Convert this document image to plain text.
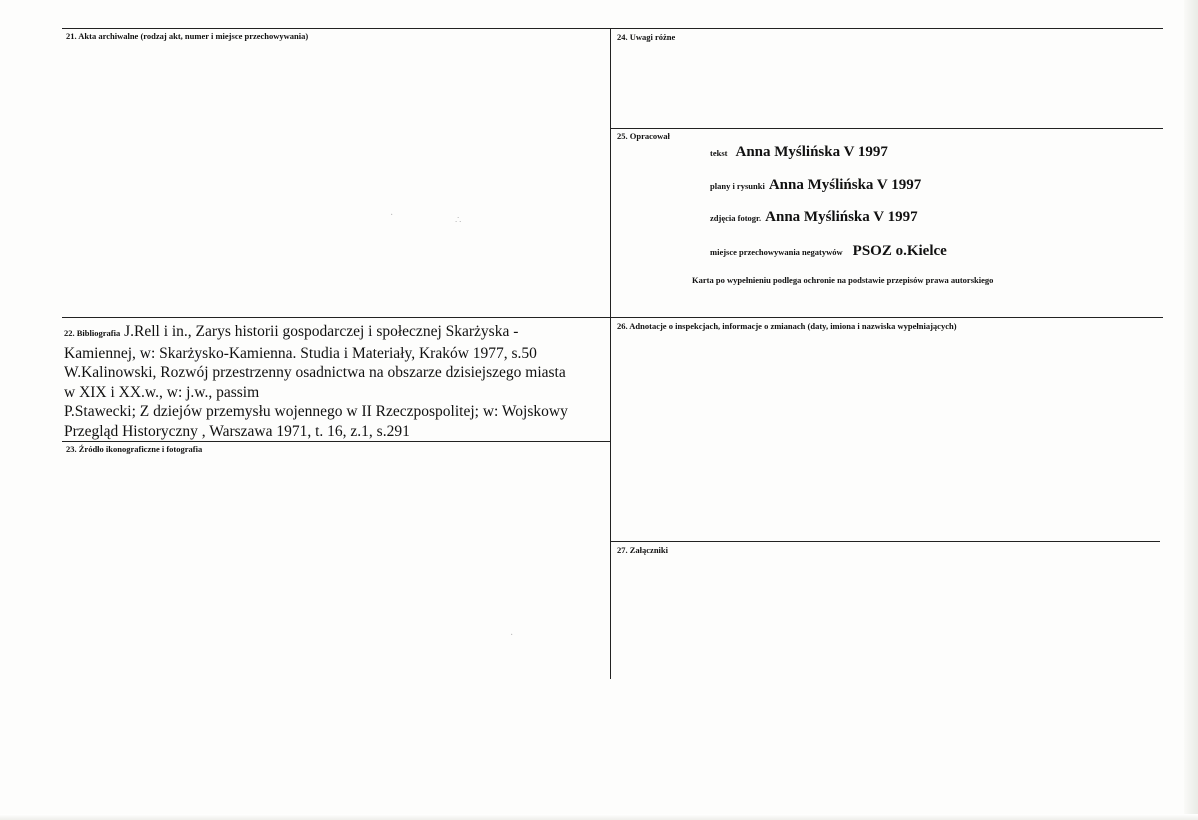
21. Akta archiwalne (rodzaj akt, numer i miejsce przechowywania)	24. Uwagi różne
25. Opracował
tekst Anna Myślińska V 1997
plany i rysunki Anna Myślińska V 1997
zdjęcia fotogr. Anna Myślińska V 1997
miejsce przechowywania negatywów PSOZ o.Kielce
Karta po wypełnieniu podlega ochronie na podstawie przepisów prawa autorskiego
22. Bibliografia J.Rell i in., Zarys historii gospodarczej i społecznej Skarżyska -
Kamiennej, w: Skarżysko-Kamienna. Studia i Materiały, Kraków 1977, s.50
W.Kalinowski, Rozwój przestrzenny osadnictwa na obszarze dzisiejszego miasta
w XIX i XX.w., w: j.w., passim
P.Stawecki; Z dziejów przemysłu wojennego w II Rzeczpospolitej; w: Wojskowy
Przegląd Historyczny , Warszawa 1971, t. 16, z.1, s.291
23. Źródło ikonograficzne i fotografia
26. Adnotacje o inspekcjach, informacje o zmianach (daty, imiona i nazwiska wypełniających)
27. Załączniki
·	∴
·
